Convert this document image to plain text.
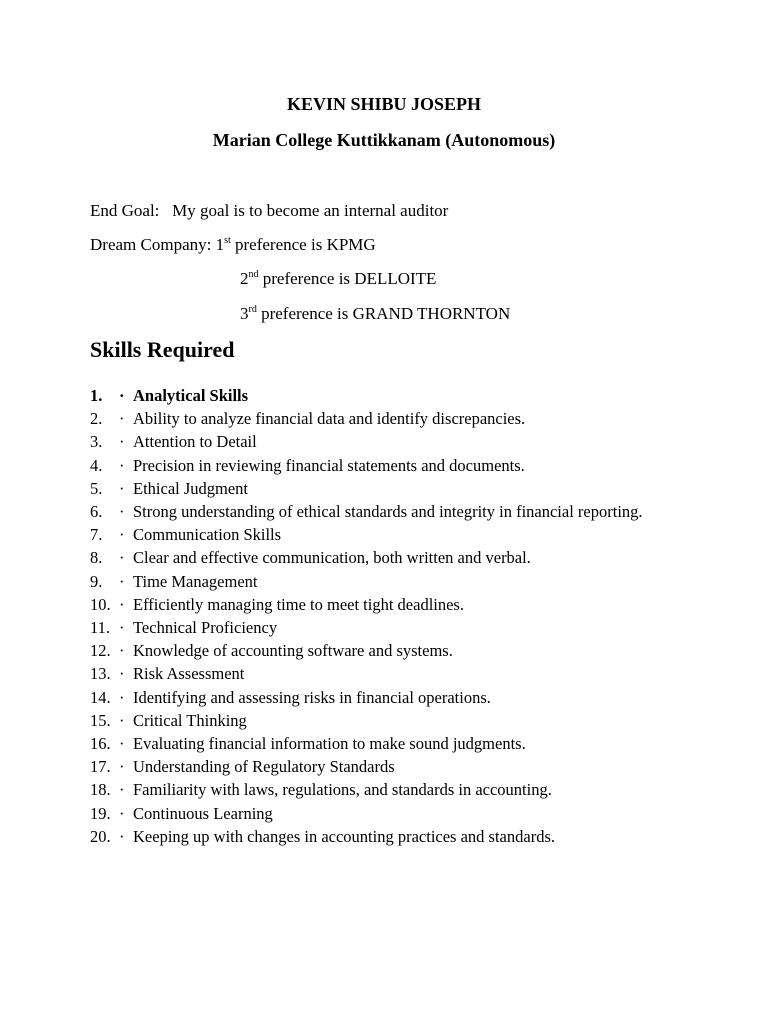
KEVIN SHIBU JOSEPH
Marian College Kuttikkanam (Autonomous)
End Goal: My goal is to become an internal auditor
Dream Company: 1st preference is KPMG
2nd preference is DELLOITE
3rd preference is GRAND THORNTON
Skills Required
1.	· Analytical Skills
2.	· Ability to analyze financial data and identify discrepancies.
3.	· Attention to Detail
4.	· Precision in reviewing financial statements and documents.
5.	· Ethical Judgment
6.	· Strong understanding of ethical standards and integrity in financial reporting.
7.	· Communication Skills
8.	· Clear and effective communication, both written and verbal.
9.	· Time Management
10. · Efficiently managing time to meet tight deadlines.
11. · Technical Proficiency
12. · Knowledge of accounting software and systems.
13. · Risk Assessment
14. · Identifying and assessing risks in financial operations.
15. · Critical Thinking
16. · Evaluating financial information to make sound judgments.
17. · Understanding of Regulatory Standards
18. · Familiarity with laws, regulations, and standards in accounting.
19. · Continuous Learning
20. · Keeping up with changes in accounting practices and standards.
